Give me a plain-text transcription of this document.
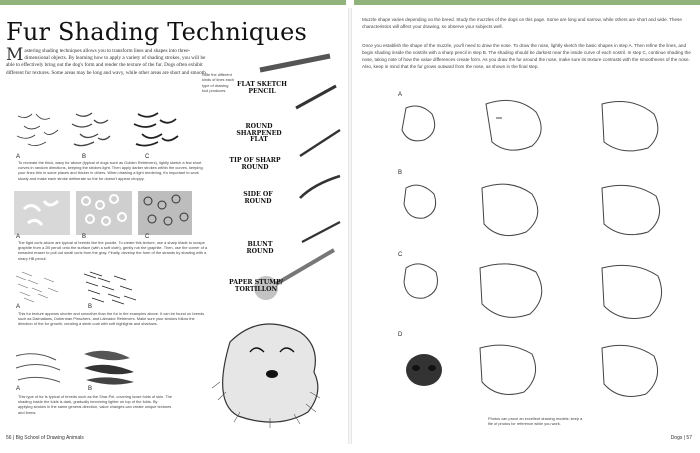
Fur Shading Techniques
M astering shading techniques allows you to transform lines and shapes into three-dimensional objects. By learning how to apply a variety of shading strokes, you will be able to effectively bring out the dog's form and render the texture of the fur. Dogs often exhibit different fur textures. Some areas may be long and wavy, while other areas are short and smooth.
Note the different kinds of lines each type of drawing tool produces.
A	B	C
To recreate the thick, wavy fur above (typical of dogs such as Golden Retrievers), lightly sketch a few short curves in random directions, keeping the strokes light. Then apply darker strokes within the curves, keeping your lines thin in some places and thicker in others. When drawing a light rendering, it's important to work slowly and make each stroke deliberate so the fur doesn't appear choppy.
A	B	C
The tight curls above are typical of breeds like the poodle. To create this texture, use a sharp blade to scrape graphite from a 2B pencil onto the surface (with a soft cloth), gently rub the graphite. Then, use the corner of a kneaded eraser to pull out small curls from the gray. Finally, develop the form of the strands by shading with a sharp HB pencil.
A	B
This fur texture appears shorter and smoother than the fur in the examples above. It can be found on breeds such as Dalmatians, Doberman Pinschers, and Labrador Retrievers. Make sure your strokes follow the direction of the fur growth, creating a sleek coat with soft highlights and shadows.
A	B
This type of fur is typical of breeds such as the Shar-Pei, covering loose folds of skin. The shading inside the folds is dark, gradually becoming lighter on top of the folds. By applying strokes in the same general direction, value changes can create unique textures and forms.
FLAT SKETCH PENCIL
ROUND SHARPENED FLAT
TIP OF SHARP ROUND
SIDE OF ROUND
BLUNT ROUND
PAPER STUMP/ TORTILLON
56 | Big School of Drawing Animals
Muzzle shape varies depending on the breed. Study the muzzles of the dogs on this page. Some are long and narrow, while others are short and wide. These characteristics will affect your drawing, so observe your subjects well.
Once you establish the shape of the muzzle, you'll need to draw the nose. To draw the nose, lightly sketch the basic shapes in step A. Then refine the lines, and begin shading inside the nostrils with a sharp pencil in step B. The shading should be darkest near the inside curve of each nostril. In step C, continue shading the nose, taking note of how the value differences create form. As you draw the fur around the nose, make sure its texture contrasts with the smoothness of the nose. Also, keep in mind that the fur grows outward from the nose, as shown in the final step.
A
B
C
D
Photos can prove an excellent drawing models; keep a file of photos for reference while you work.
Dogs | 57
